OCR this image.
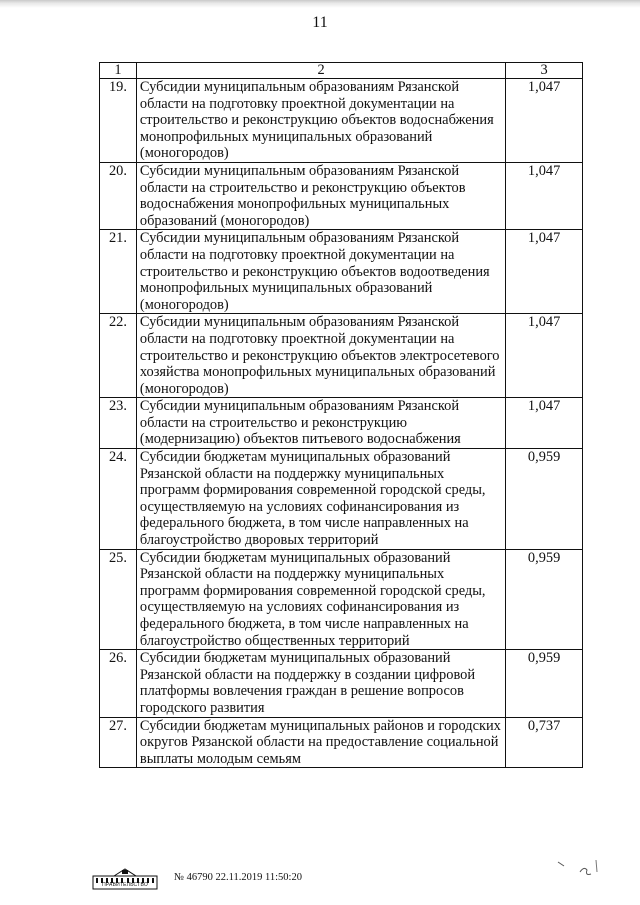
11
1	2	3
19.	Субсидии муниципальным образованиям Рязанской области на подготовку проектной документации на строительство и реконструкцию объектов водоснабжения монопрофильных муниципальных образований (моногородов)	1,047
20.	Субсидии муниципальным образованиям Рязанской области на строительство и реконструкцию объектов водоснабжения монопрофильных муниципальных образований (моногородов)	1,047
21.	Субсидии муниципальным образованиям Рязанской области на подготовку проектной документации на строительство и реконструкцию объектов водоотведения монопрофильных муниципальных образований (моногородов)	1,047
22.	Субсидии муниципальным образованиям Рязанской области на подготовку проектной документации на строительство и реконструкцию объектов электросетевого хозяйства монопрофильных муниципальных образований (моногородов)	1,047
23.	Субсидии муниципальным образованиям Рязанской области на строительство и реконструкцию (модернизацию) объектов питьевого водоснабжения	1,047
24.	Субсидии бюджетам муниципальных образований Рязанской области на поддержку муниципальных программ формирования современной городской среды, осуществляемую на условиях софинансирования из федерального бюджета, в том числе направленных на благоустройство дворовых территорий	0,959
25.	Субсидии бюджетам муниципальных образований Рязанской области на поддержку муниципальных программ формирования современной городской среды, осуществляемую на условиях софинансирования из федерального бюджета, в том числе направленных на благоустройство общественных территорий	0,959
26.	Субсидии бюджетам муниципальных образований Рязанской области на поддержку в создании цифровой платформы вовлечения граждан в решение вопросов городского развития	0,959
27.	Субсидии бюджетам муниципальных районов и городских округов Рязанской области на предоставление социальной выплаты молодым семьям	0,737
ПРАВИТЕЛЬСТВО
№ 46790 22.11.2019 11:50:20
